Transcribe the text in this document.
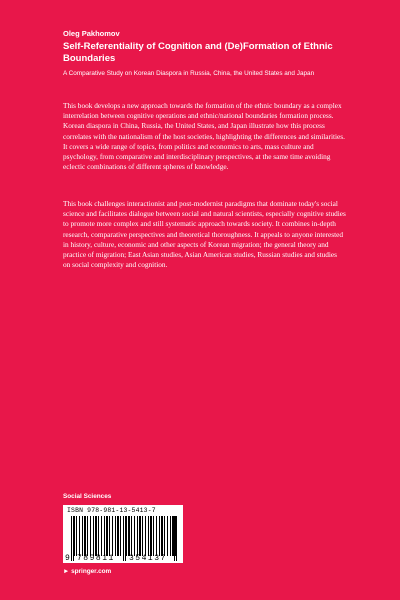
Oleg Pakhomov
Self-Referentiality of Cognition and (De)Formation of Ethnic Boundaries
A Comparative Study on Korean Diaspora in Russia, China, the United States and Japan

This book develops a new approach towards the formation of the ethnic boundary as a complex interrelation between cognitive operations and ethnic/national boundaries formation process. Korean diaspora in China, Russia, the United States, and Japan illustrate how this process correlates with the nationalism of the host societies, highlighting the differences and similarities. It covers a wide range of topics, from politics and economics to arts, mass culture and psychology, from comparative and interdisciplinary perspectives, at the same time avoiding eclectic combinations of different spheres of knowledge.

This book challenges interactionist and post-modernist paradigms that dominate today's social science and facilitates dialogue between social and natural scientists, especially cognitive studies to promote more complex and still systematic approach towards society. It combines in-depth research, comparative perspectives and theoretical thoroughness. It appeals to anyone interested in history, culture, economic and other aspects of Korean migration; the general theory and practice of migration; East Asian studies, Asian American studies, Russian studies and studies on social complexity and cognition.

Social Sciences
ISBN 978-981-13-5413-7
9 789811 354137
► springer.com
